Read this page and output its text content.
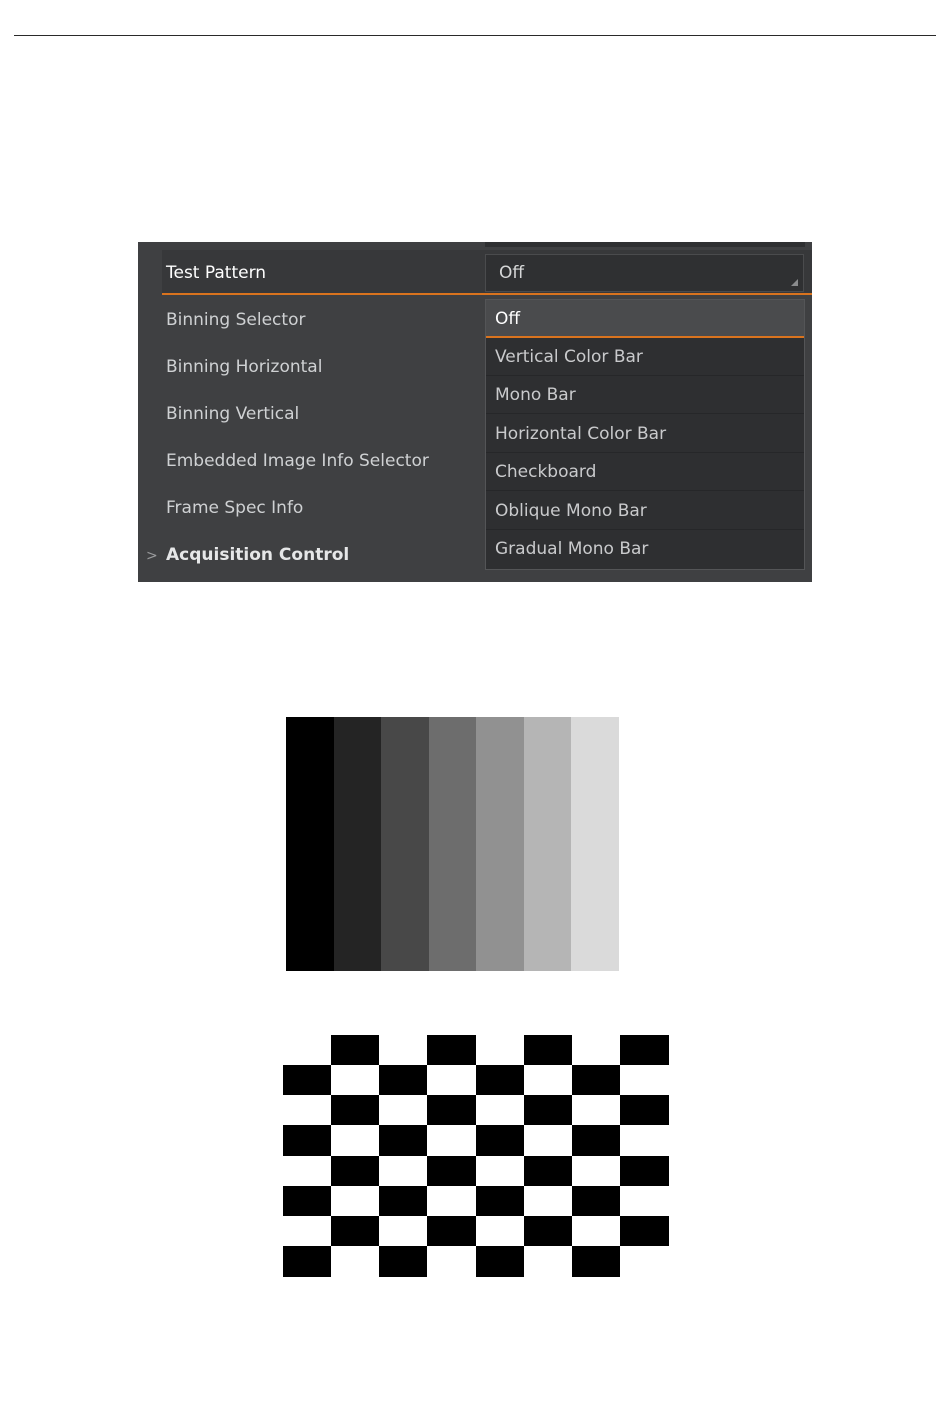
Test Pattern
Binning Selector
Binning Horizontal
Binning Vertical
Embedded Image Info Selector
Frame Spec Info
> Acquisition Control
Off
Off
Vertical Color Bar
Mono Bar
Horizontal Color Bar
Checkboard
Oblique Mono Bar
Gradual Mono Bar
